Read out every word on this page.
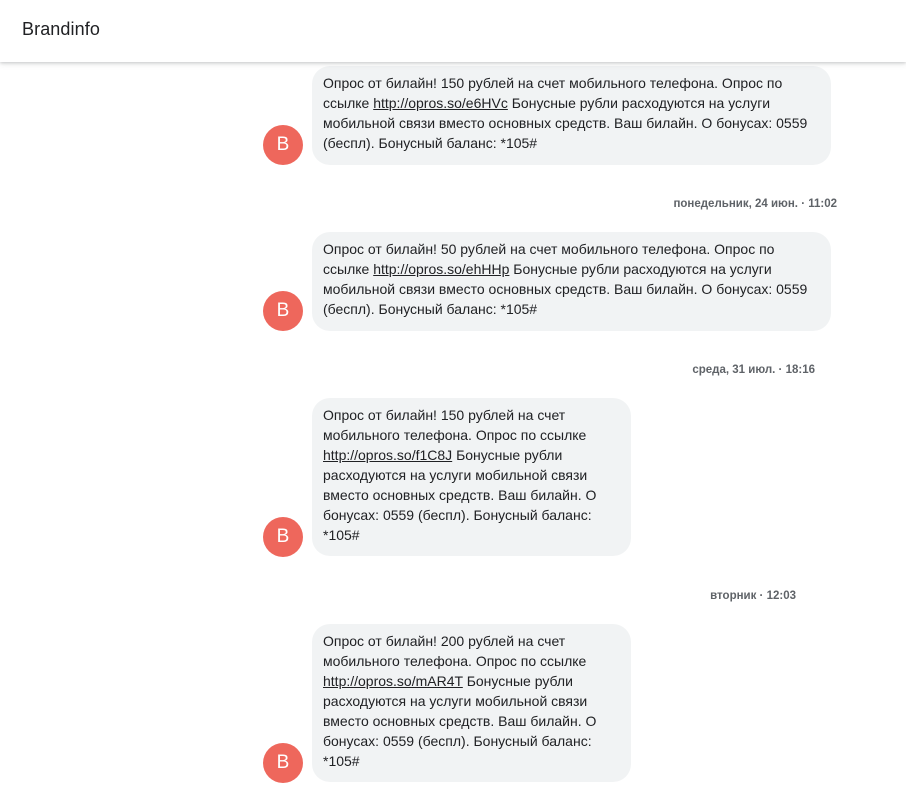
Brandinfo
B
Опрос от билайн! 150 рублей на счет мобильного телефона. Опрос по ссылке http://opros.so/e6HVc Бонусные рубли расходуются на услуги мобильной связи вместо основных средств. Ваш билайн. О бонусах: 0559 (беспл). Бонусный баланс: *105#
понедельник, 24 июн. · 11:02
B
Опрос от билайн! 50 рублей на счет мобильного телефона. Опрос по ссылке http://opros.so/ehHHp Бонусные рубли расходуются на услуги мобильной связи вместо основных средств. Ваш билайн. О бонусах: 0559 (беспл). Бонусный баланс: *105#
среда, 31 июл. · 18:16
B
Опрос от билайн! 150 рублей на счет мобильного телефона. Опрос по ссылке http://opros.so/f1C8J Бонусные рубли расходуются на услуги мобильной связи вместо основных средств. Ваш билайн. О бонусах: 0559 (беспл). Бонусный баланс: *105#
вторник · 12:03
B
Опрос от билайн! 200 рублей на счет мобильного телефона. Опрос по ссылке http://opros.so/mAR4T Бонусные рубли расходуются на услуги мобильной связи вместо основных средств. Ваш билайн. О бонусах: 0559 (беспл). Бонусный баланс: *105#
